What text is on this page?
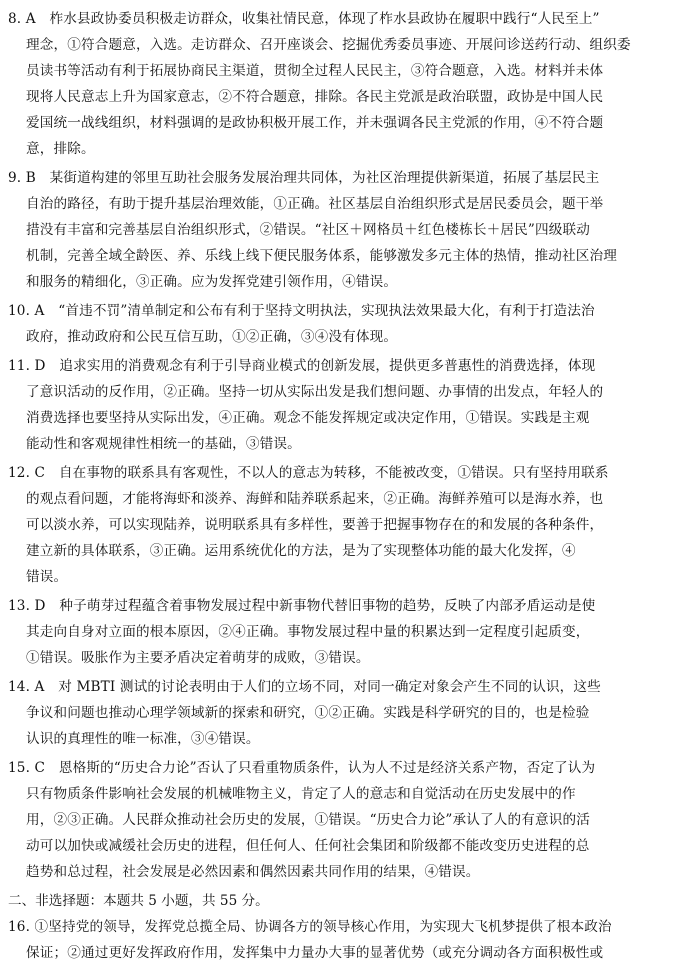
8. A　柞水县政协委员积极走访群众，收集社情民意，体现了柞水县政协在履职中践行“人民至上”
理念，①符合题意，入选。走访群众、召开座谈会、挖掘优秀委员事迹、开展问诊送药行动、组织委
员读书等活动有利于拓展协商民主渠道，贯彻全过程人民民主，③符合题意，入选。材料并未体
现将人民意志上升为国家意志，②不符合题意，排除。各民主党派是政治联盟，政协是中国人民
爱国统一战线组织，材料强调的是政协积极开展工作，并未强调各民主党派的作用，④不符合题
意，排除。
9. B　某街道构建的邻里互助社会服务发展治理共同体，为社区治理提供新渠道，拓展了基层民主
自治的路径，有助于提升基层治理效能，①正确。社区基层自治组织形式是居民委员会，题干举
措没有丰富和完善基层自治组织形式，②错误。“社区＋网格员＋红色楼栋长＋居民”四级联动
机制，完善全域全龄医、养、乐线上线下便民服务体系，能够激发多元主体的热情，推动社区治理
和服务的精细化，③正确。应为发挥党建引领作用，④错误。
10. A　“首违不罚”清单制定和公布有利于坚持文明执法，实现执法效果最大化，有利于打造法治
政府，推动政府和公民互信互助，①②正确，③④没有体现。
11. D　追求实用的消费观念有利于引导商业模式的创新发展，提供更多普惠性的消费选择，体现
了意识活动的反作用，②正确。坚持一切从实际出发是我们想问题、办事情的出发点，年轻人的
消费选择也要坚持从实际出发，④正确。观念不能发挥规定或决定作用，①错误。实践是主观
能动性和客观规律性相统一的基础，③错误。
12. C　自在事物的联系具有客观性，不以人的意志为转移，不能被改变，①错误。只有坚持用联系
的观点看问题，才能将海虾和淡养、海鲜和陆养联系起来，②正确。海鲜养殖可以是海水养，也
可以淡水养，可以实现陆养，说明联系具有多样性，要善于把握事物存在的和发展的各种条件，
建立新的具体联系，③正确。运用系统优化的方法，是为了实现整体功能的最大化发挥，④
错误。
13. D　种子萌芽过程蕴含着事物发展过程中新事物代替旧事物的趋势，反映了内部矛盾运动是使
其走向自身对立面的根本原因，②④正确。事物发展过程中量的积累达到一定程度引起质变，
①错误。吸胀作为主要矛盾决定着萌芽的成败，③错误。
14. A　对 MBTI 测试的讨论表明由于人们的立场不同，对同一确定对象会产生不同的认识，这些
争议和问题也推动心理学领域新的探索和研究，①②正确。实践是科学研究的目的，也是检验
认识的真理性的唯一标准，③④错误。
15. C　恩格斯的“历史合力论”否认了只看重物质条件，认为人不过是经济关系产物，否定了认为
只有物质条件影响社会发展的机械唯物主义，肯定了人的意志和自觉活动在历史发展中的作
用，②③正确。人民群众推动社会历史的发展，①错误。“历史合力论”承认了人的有意识的活
动可以加快或减缓社会历史的进程，但任何人、任何社会集团和阶级都不能改变历史进程的总
趋势和总过程，社会发展是必然因素和偶然因素共同作用的结果，④错误。
二、非选择题：本题共 5 小题，共 55 分。
16. ①坚持党的领导，发挥党总揽全局、协调各方的领导核心作用，为实现大飞机梦提供了根本政治
保证；②通过更好发挥政府作用，发挥集中力量办大事的显著优势（或充分调动各方面积极性或
